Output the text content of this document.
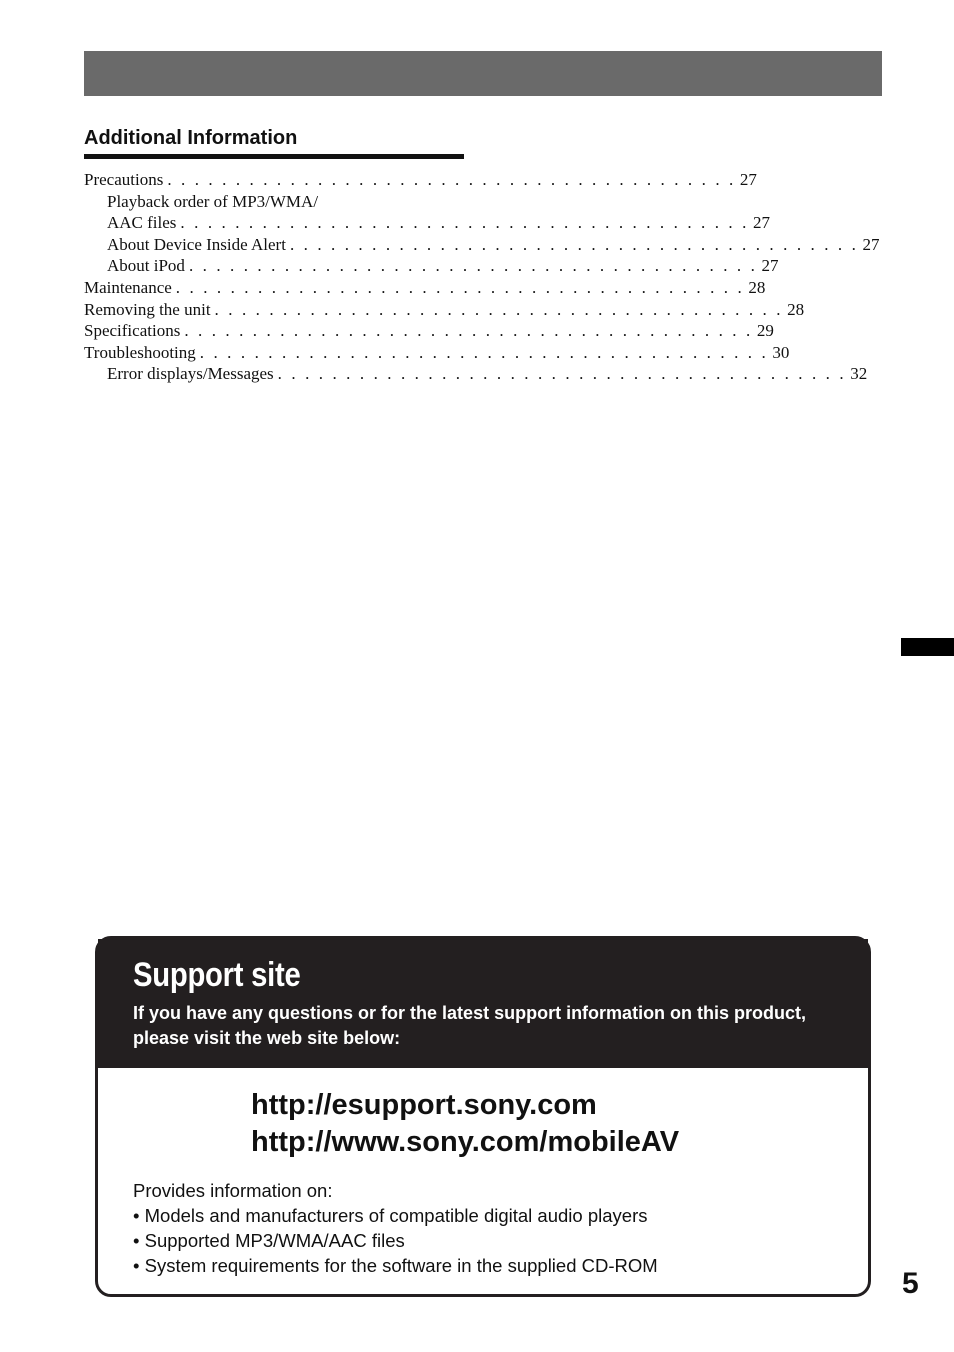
Additional Information
Precautions . . . . . . . . . . . . . . . . . . . . . . . . . . . . . . . . . . . . . . . . . . 27
Playback order of MP3/WMA/
AAC files . . . . . . . . . . . . . . . . . . . . . . . . . . . . . . . . . . . . . . . . . . 27
About Device Inside Alert . . . . . . . . . . . . . . . . . . . . . . . . . . . . . . . . . . . . . . . . . . 27
About iPod . . . . . . . . . . . . . . . . . . . . . . . . . . . . . . . . . . . . . . . . . . 27
Maintenance . . . . . . . . . . . . . . . . . . . . . . . . . . . . . . . . . . . . . . . . . . 28
Removing the unit . . . . . . . . . . . . . . . . . . . . . . . . . . . . . . . . . . . . . . . . . . 28
Specifications . . . . . . . . . . . . . . . . . . . . . . . . . . . . . . . . . . . . . . . . . . 29
Troubleshooting . . . . . . . . . . . . . . . . . . . . . . . . . . . . . . . . . . . . . . . . . . 30
Error displays/Messages . . . . . . . . . . . . . . . . . . . . . . . . . . . . . . . . . . . . . . . . . . 32
Support site
If you have any questions or for the latest support information on this product, please visit the web site below:
http://esupport.sony.com
http://www.sony.com/mobileAV
Provides information on:
• Models and manufacturers of compatible digital audio players
• Supported MP3/WMA/AAC files
• System requirements for the software in the supplied CD-ROM
5
